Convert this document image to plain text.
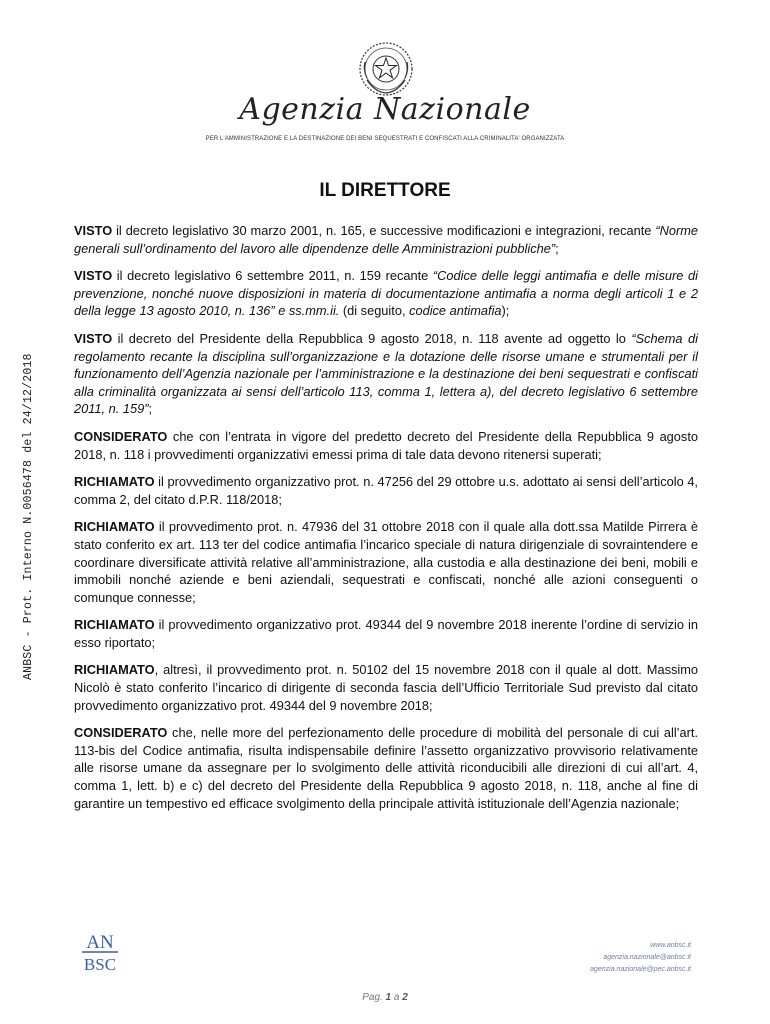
Agenzia Nazionale
PER L'AMMINISTRAZIONE E LA DESTINAZIONE DEI BENI SEQUESTRATI E CONFISCATI ALLA CRIMINALITA' ORGANIZZATA
ANBSC - Prot. Interno N.0056478 del 24/12/2018
IL DIRETTORE

VISTO il decreto legislativo 30 marzo 2001, n. 165, e successive modificazioni e integrazioni, recante “Norme generali sull’ordinamento del lavoro alle dipendenze delle Amministrazioni pubbliche”;

VISTO il decreto legislativo 6 settembre 2011, n. 159 recante “Codice delle leggi antimafia e delle misure di prevenzione, nonché nuove disposizioni in materia di documentazione antimafia a norma degli articoli 1 e 2 della legge 13 agosto 2010, n. 136” e ss.mm.ii. (di seguito, codice antimafia);

VISTO il decreto del Presidente della Repubblica 9 agosto 2018, n. 118 avente ad oggetto lo “Schema di regolamento recante la disciplina sull’organizzazione e la dotazione delle risorse umane e strumentali per il funzionamento dell’Agenzia nazionale per l’amministrazione e la destinazione dei beni sequestrati e confiscati alla criminalità organizzata ai sensi dell’articolo 113, comma 1, lettera a), del decreto legislativo 6 settembre 2011, n. 159”;

CONSIDERATO che con l’entrata in vigore del predetto decreto del Presidente della Repubblica 9 agosto 2018, n. 118 i provvedimenti organizzativi emessi prima di tale data devono ritenersi superati;

RICHIAMATO il provvedimento organizzativo prot. n. 47256 del 29 ottobre u.s. adottato ai sensi dell’articolo 4, comma 2, del citato d.P.R. 118/2018;

RICHIAMATO il provvedimento prot. n. 47936 del 31 ottobre 2018 con il quale alla dott.ssa Matilde Pirrera è stato conferito ex art. 113 ter del codice antimafia l’incarico speciale di natura dirigenziale di sovraintendere e coordinare diversificate attività relative all’amministrazione, alla custodia e alla destinazione dei beni, mobili e immobili nonché aziende e beni aziendali, sequestrati e confiscati, nonché alle azioni conseguenti o comunque connesse;

RICHIAMATO il provvedimento organizzativo prot. 49344 del 9 novembre 2018 inerente l’ordine di servizio in esso riportato;

RICHIAMATO, altresì, il provvedimento prot. n. 50102 del 15 novembre 2018 con il quale al dott. Massimo Nicolò è stato conferito l’incarico di dirigente di seconda fascia dell’Ufficio Territoriale Sud previsto dal citato provvedimento organizzativo prot. 49344 del 9 novembre 2018;

CONSIDERATO che, nelle more del perfezionamento delle procedure di mobilità del personale di cui all’art. 113-bis del Codice antimafia, risulta indispensabile definire l’assetto organizzativo provvisorio relativamente alle risorse umane da assegnare per lo svolgimento delle attività riconducibili alle direzioni di cui all’art. 4, comma 1, lett. b) e c) del decreto del Presidente della Repubblica 9 agosto 2018, n. 118, anche al fine di garantire un tempestivo ed efficace svolgimento della principale attività istituzionale dell’Agenzia nazionale;

AN
BSC
www.anbsc.it
agenzia.nazionale@anbsc.it
agenzia.nazionale@pec.anbsc.it
Pag. 1 a 2
